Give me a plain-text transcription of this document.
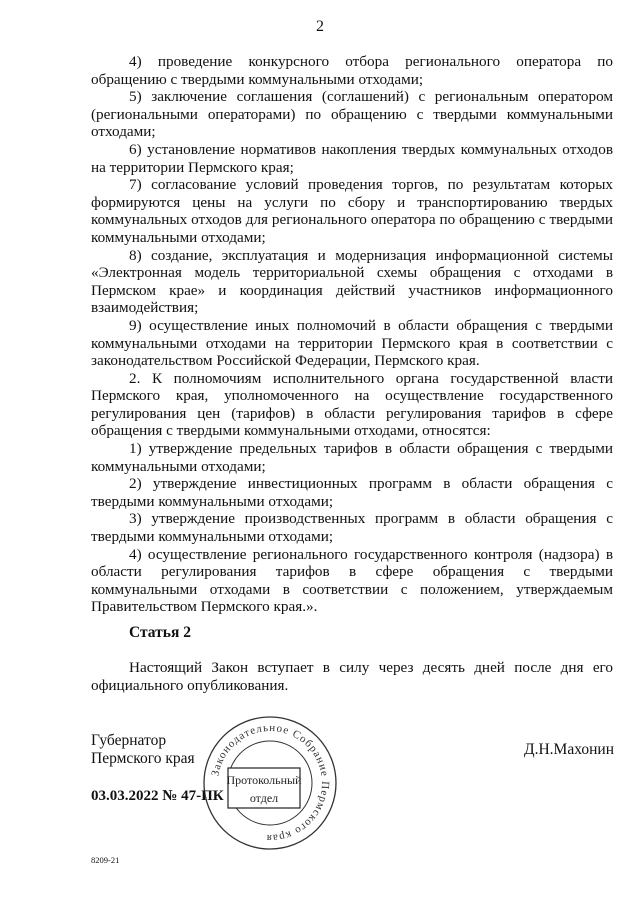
2

4) проведение конкурсного отбора регионального оператора по обращению с твердыми коммунальными отходами;

5) заключение соглашения (соглашений) с региональным оператором (региональными операторами) по обращению с твердыми коммунальными отходами;

6) установление нормативов накопления твердых коммунальных отходов на территории Пермского края;

7) согласование условий проведения торгов, по результатам которых формируются цены на услуги по сбору и транспортированию твердых коммунальных отходов для регионального оператора по обращению с твердыми коммунальными отходами;

8) создание, эксплуатация и модернизация информационной системы «Электронная модель территориальной схемы обращения с отходами в Пермском крае» и координация действий участников информационного взаимодействия;

9) осуществление иных полномочий в области обращения с твердыми коммунальными отходами на территории Пермского края в соответствии с законодательством Российской Федерации, Пермского края.

2. К полномочиям исполнительного органа государственной власти Пермского края, уполномоченного на осуществление государственного регулирования цен (тарифов) в области регулирования тарифов в сфере обращения с твердыми коммунальными отходами, относятся:

1) утверждение предельных тарифов в области обращения с твердыми коммунальными отходами;

2) утверждение инвестиционных программ в области обращения с твердыми коммунальными отходами;

3) утверждение производственных программ в области обращения с твердыми коммунальными отходами;

4) осуществление регионального государственного контроля (надзора) в области регулирования тарифов в сфере обращения с твердыми коммунальными отходами в соответствии с положением, утверждаемым Правительством Пермского края.».

Статья 2
Настоящий Закон вступает в силу через десять дней после дня его официального опубликования.
Губернатор
Пермского края	Д.Н.Махонин
Законодательное Собрание Пермского края
Протокольный
отдел
03.03.2022 № 47-ПК
8209-21
